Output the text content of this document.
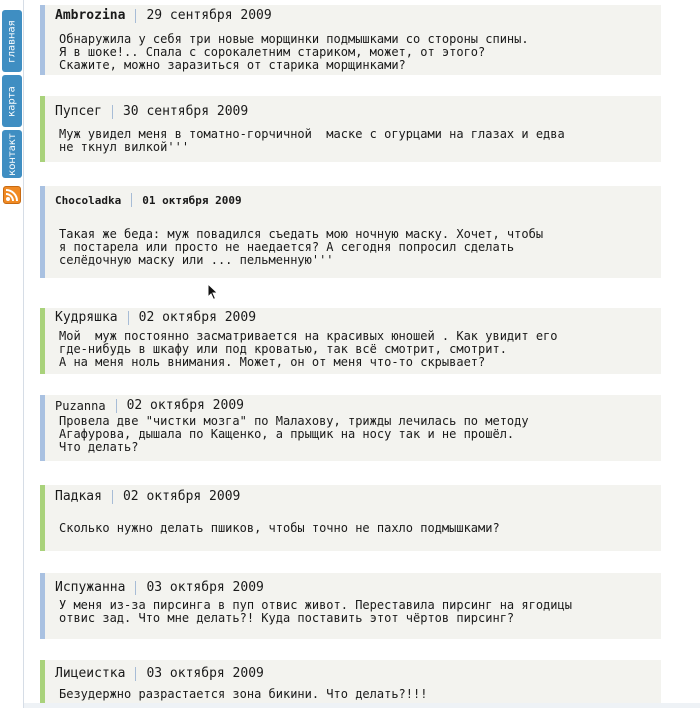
главная
карта
контакт
Ambrozina 29 сентября 2009
Обнаружила у себя три новые морщинки подмышками со стороны спины.
Я в шоке!.. Спала с сорокалетним стариком, может, от этого?
Скажите, можно заразиться от старика морщинками?
Пупсег 30 сентября 2009
Муж увидел меня в томатно-горчичной  маске с огурцами на глазах и едва
не ткнул вилкой'''
Chocoladka 01 октября 2009
Такая же беда: муж повадился съедать мою ночную маску. Хочет, чтобы
я постарела или просто не наедается? А сегодня попросил сделать
селёдочную маску или ... пельменную'''
Кудряшка 02 октября 2009
Мой  муж постоянно засматривается на красивых юношей . Как увидит его
где-нибудь в шкафу или под кроватью, так всё смотрит, смотрит.
А на меня ноль внимания. Может, он от меня что-то скрывает?
Puzanna 02 октября 2009
Провела две "чистки мозга" по Малахову, трижды лечилась по методу
Агафурова, дышала по Кащенко, а прыщик на носу так и не прошёл.
Что делать?
Падкая 02 октября 2009
Сколько нужно делать пшиков, чтобы точно не пахло подмышками?
Испужанна 03 октября 2009
У меня из-за пирсинга в пуп отвис живот. Переставила пирсинг на ягодицы
отвис зад. Что мне делать?! Куда поставить этот чёртов пирсинг?
Лицеистка 03 октября 2009
Безудержно разрастается зона бикини. Что делать?!!!
